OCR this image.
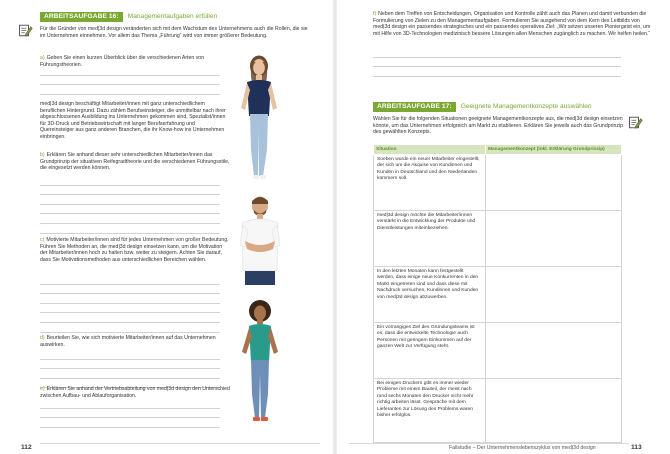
ARBEITSAUFGABE 16:	Managementaufgaben erfüllen

Für die Gründer von med|3d design veränderten sich mit dem Wachstum des Unternehmens auch die Rollen, die sie im Unternehmen einnehmen. Vor allem das Thema „Führung“ wird von immer größerer Bedeutung.

a) Geben Sie einen kurzen Überblick über die verschiedenen Arten von Führungstheorien.

med|3d design beschäftigt Mitarbeiter/innen mit ganz unterschiedlichem beruflichen Hintergrund. Dazu zählen Berufseinsteiger, die unmittelbar nach ihrer abgeschlossenen Ausbildung ins Unternehmen gekommen sind, Spezialist/innen für 3D-Druck und Betriebswirtschaft mit langer Berufserfahrung und Quereinsteiger aus ganz anderen Branchen, die ihr Know-how ins Unternehmen einbringen.

b) Erklären Sie anhand dieser sehr unterschiedlichen Mitarbeiter/innen das Grundprinzip der situativen Reifegradtheorie und die verschiedenen Führungsstile, die eingesetzt werden können.

c) Motivierte Mitarbeiter/innen sind für jedes Unternehmen von großer Bedeutung. Führen Sie Methoden an, die med|3d design einsetzen kann, um die Motivation der Mitarbeiter/innen hoch zu halten bzw. weiter zu steigern. Achten Sie darauf, dass Sie Motivationsmethoden aus unterschiedlichen Bereichen wählen.

d) Beurteilen Sie, wie sich motivierte Mitarbeiter/innen auf das Unternehmen auswirken.

e) Erklären Sie anhand der Vertriebsabteilung von med|3d design den Unterschied zwischen Aufbau- und Ablauforganisation.

112

f) Neben dem Treffen von Entscheidungen, Organisation und Kontrolle zählt auch das Planen und damit verbunden die Formulierung von Zielen zu den Managementaufgaben. Formulieren Sie ausgehend von dem Kern des Leitbilds von med|3d design ein passendes strategisches und ein passendes operatives Ziel: „Wir setzen unseren Pioniergeist ein, um mit Hilfe von 3D-Technologien medizinisch bessere Lösungen allen Menschen zugänglich zu machen. Wir helfen heilen.“

ARBEITSAUFGABE 17:	Geeignete Managementkonzepte auswählen

Wählen Sie für die folgenden Situationen geeignete Managementkonzepte aus, die med|3d design einsetzen könnte, um das Unternehmen erfolgreich am Markt zu etablieren. Erklären Sie jeweils auch das Grundprinzip des gewählten Konzepts.

Situation	Managementkonzept (inkl. Erklärung Grundprinzip)
Soeben wurde ein neuer Mitarbeiter eingestellt, der sich um die Akquise von Kundinnen und Kunden in Deutschland und den Niederlanden kümmern soll.	
med|3d design möchte die Mitarbeiter/innen verstärkt in die Entwicklung der Produkte und Dienstleistungen miteinbeziehen.	
In den letzten Monaten kann festgestellt werden, dass einige neue Konkurrenten in den Markt eingetreten sind und dass diese mit Nachdruck versuchen, Kundinnen und Kunden von med|3d design abzuwerben.	
Ein vorrangiges Ziel des Gründungsteams ist es, dass die entwickelte Technologie auch Personen mit geringem Einkommen auf der ganzen Welt zur Verfügung steht.	
Bei einigen Druckern gibt es immer wieder Probleme mit einem Bauteil, der meist nach rund sechs Monaten den Drucker nicht mehr richtig arbeiten lässt. Gespräche mit dem Lieferanten zur Lösung des Problems waren bisher erfolglos.	
Fallstudie – Der Unternehmenslebenszyklus von med|3d design	113
